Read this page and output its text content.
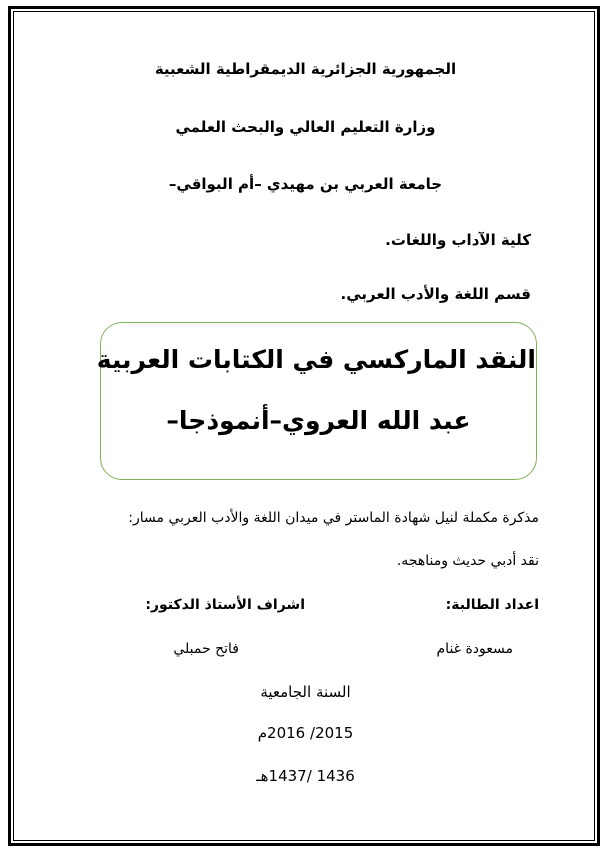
الجمهورية الجزائرية الديمقراطية الشعبية
وزارة التعليم العالي والبحث العلمي
جامعة العربي بن مهيدي –أم البواقي–
كلية الآداب واللغات.
قسم اللغة والأدب العربي.
النقد الماركسي في الكتابات العربية
عبد الله العروي–أنموذجا–
مذكرة مكملة لنيل شهادة الماستر في ميدان اللغة والأدب العربي مسار:
نقد أدبي حديث ومناهجه.
اعداد الطالبة:
اشراف الأستاذ الدكتور:
مسعودة غنام
فاتح حمبلي
السنة الجامعية
2015/ 2016م
1436 /1437هـ
